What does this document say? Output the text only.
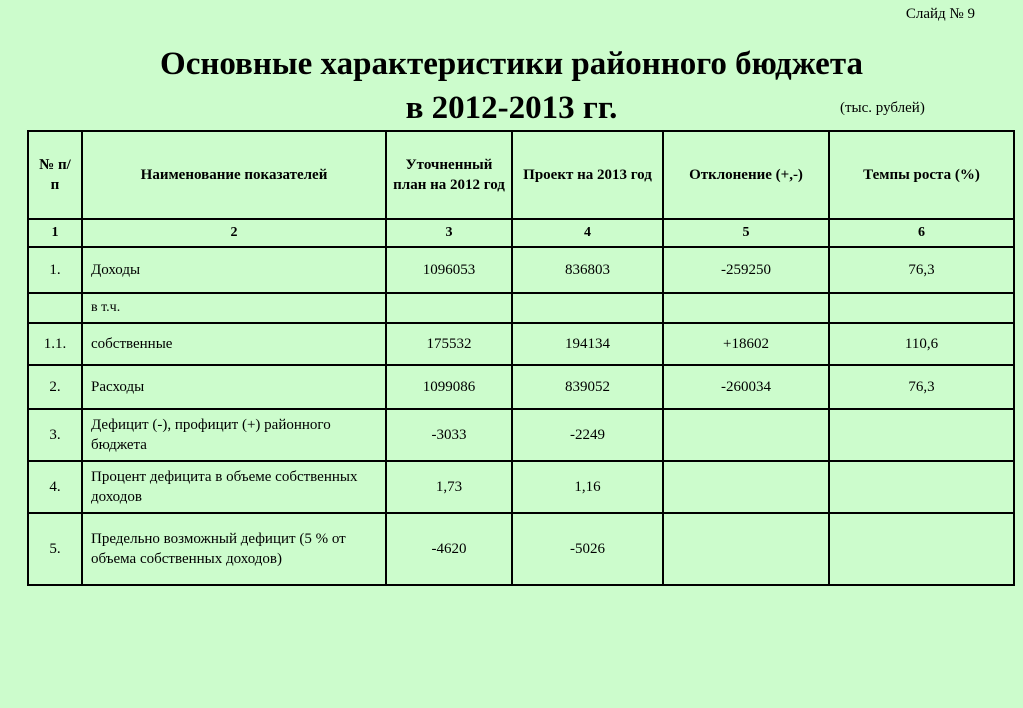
Слайд № 9
Основные характеристики районного бюджета
в 2012-2013 гг.	(тыс. рублей)
№ п/п	Наименование показателей	Уточненный план на 2012 год	Проект на 2013 год	Отклонение (+,-)	Темпы роста (%)
1	2	3	4	5	6
1.	Доходы	1096053	836803	-259250	76,3
	в т.ч.				
1.1.	собственные	175532	194134	+18602	110,6
2.	Расходы	1099086	839052	-260034	76,3
3.	Дефицит (-), профицит (+) районного бюджета	-3033	-2249		
4.	Процент дефицита в объеме собственных доходов	1,73	1,16		
5.	Предельно возможный дефицит (5 % от объема собственных доходов)	-4620	-5026		
